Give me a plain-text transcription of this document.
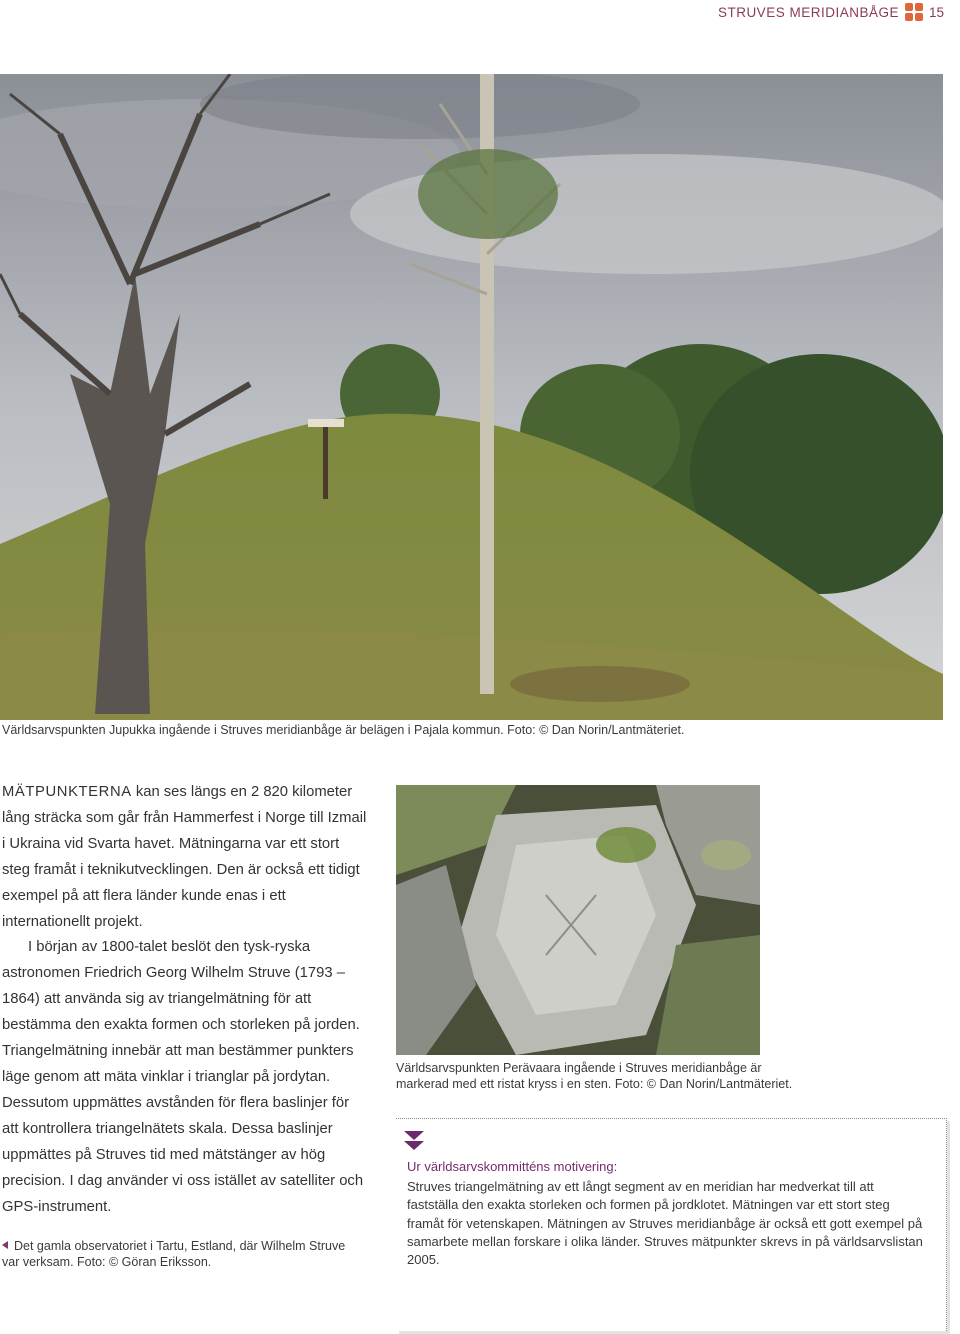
STRUVES MERIDIANBÅGE 15
Världsarvspunkten Jupukka ingående i Struves meridianbåge är belägen i Pajala kommun. Foto: © Dan Norin/Lantmäteriet.

MÄTPUNKTERNA kan ses längs en 2 820 kilometer lång sträcka som går från Hammerfest i Norge till Izmail i Ukraina vid Svarta havet. Mätningarna var ett stort steg framåt i teknikutvecklingen. Den är också ett tidigt exempel på att flera länder kunde enas i ett internationellt projekt.

I början av 1800-talet beslöt den tysk-ryska astronomen Friedrich Georg Wilhelm Struve (1793 – 1864) att använda sig av triangelmätning för att bestämma den exakta formen och storleken på jorden. Triangelmätning innebär att man bestämmer punkters läge genom att mäta vinklar i trianglar på jordytan. Dessutom uppmättes avstånden för flera baslinjer för att kontrollera triangelnätets skala. Dessa baslinjer uppmättes på Struves tid med mätstänger av hög precision. I dag använder vi oss istället av satelliter och GPS-instrument.

Det gamla observatoriet i Tartu, Estland, där Wilhelm Struve var verksam. Foto: © Göran Eriksson.
Världsarvspunkten Perävaara ingående i Struves meridianbåge är markerad med ett ristat kryss i en sten. Foto: © Dan Norin/Lantmäteriet.
Ur världsarvskommitténs motivering:
Struves triangelmätning av ett långt segment av en meridian har medverkat till att fastställa den exakta storleken och formen på jordklotet. Mätningen var ett stort steg framåt för vetenskapen. Mätningen av Struves meridianbåge är också ett gott exempel på samarbete mellan forskare i olika länder. Struves mätpunkter skrevs in på världsarvslistan 2005.
